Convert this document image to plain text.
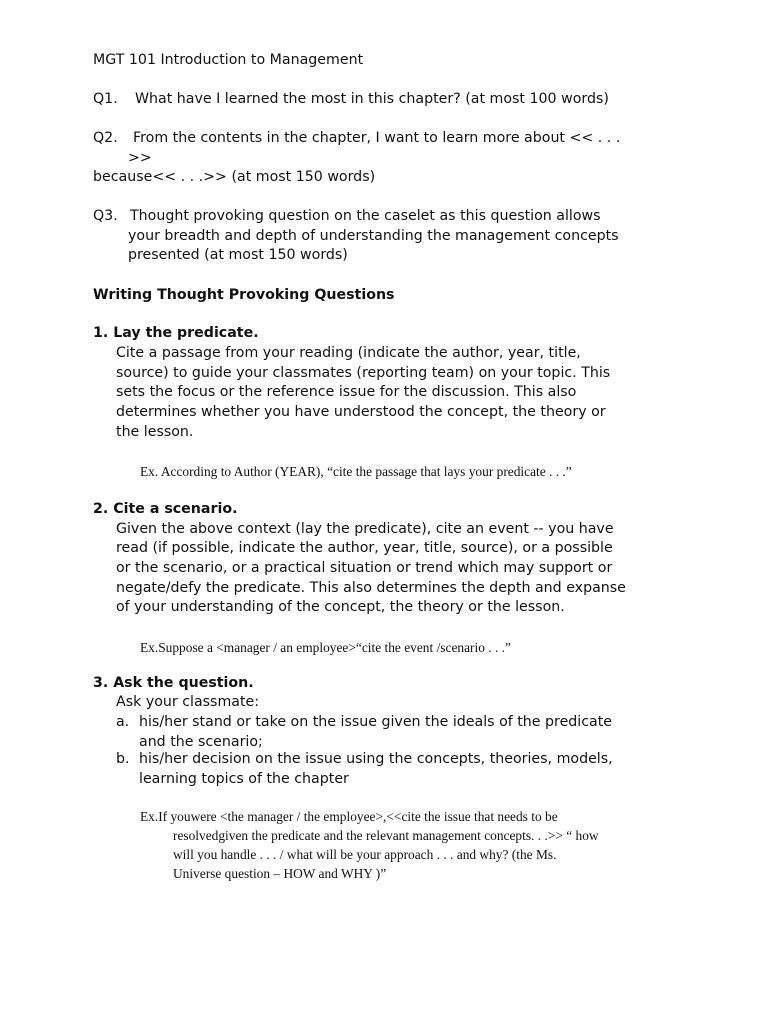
MGT 101 Introduction to Management
Q1. What have I learned the most in this chapter? (at most 100 words)
Q2. From the contents in the chapter, I want to learn more about << . . .
>>
because<< . . .>> (at most 150 words)
Q3. Thought provoking question on the caselet as this question allows
your breadth and depth of understanding the management concepts
presented (at most 150 words)
Writing Thought Provoking Questions
1. Lay the predicate.
Cite a passage from your reading (indicate the author, year, title,
source) to guide your classmates (reporting team) on your topic. This
sets the focus or the reference issue for the discussion. This also
determines whether you have understood the concept, the theory or
the lesson.
Ex. According to Author (YEAR), “cite the passage that lays your predicate . . .”
2. Cite a scenario.
Given the above context (lay the predicate), cite an event -- you have
read (if possible, indicate the author, year, title, source), or a possible
or the scenario, or a practical situation or trend which may support or
negate/defy the predicate. This also determines the depth and expanse
of your understanding of the concept, the theory or the lesson.
Ex.Suppose a <manager / an employee>“cite the event /scenario . . .”
3. Ask the question.
Ask your classmate:
a. his/her stand or take on the issue given the ideals of the predicate
and the scenario;
b. his/her decision on the issue using the concepts, theories, models,
learning topics of the chapter
Ex.If youwere <the manager / the employee>,<<cite the issue that needs to be
resolvedgiven the predicate and the relevant management concepts. . .>> “ how
will you handle . . . / what will be your approach . . . and why? (the Ms.
Universe question – HOW and WHY )”
